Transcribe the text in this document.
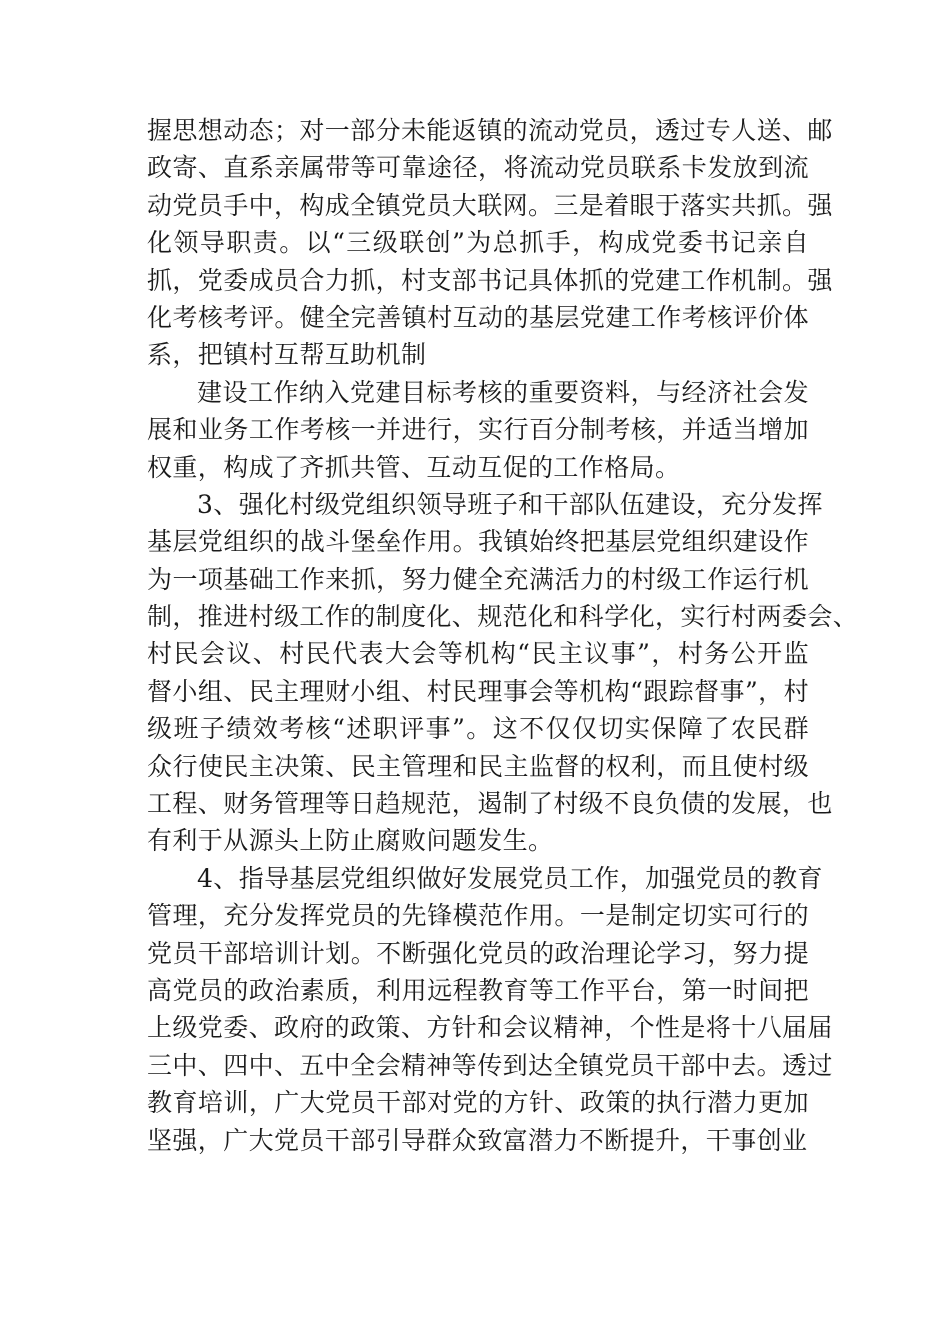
握思想动态；对一部分未能返镇的流动党员，透过专人送、邮
政寄、直系亲属带等可靠途径，将流动党员联系卡发放到流
动党员手中，构成全镇党员大联网。三是着眼于落实共抓。强
化领导职责。以“三级联创”为总抓手，构成党委书记亲自
抓，党委成员合力抓，村支部书记具体抓的党建工作机制。强
化考核考评。健全完善镇村互动的基层党建工作考核评价体
系，把镇村互帮互助机制
建设工作纳入党建目标考核的重要资料，与经济社会发
展和业务工作考核一并进行，实行百分制考核，并适当增加
权重，构成了齐抓共管、互动互促的工作格局。
3、强化村级党组织领导班子和干部队伍建设，充分发挥
基层党组织的战斗堡垒作用。我镇始终把基层党组织建设作
为一项基础工作来抓，努力健全充满活力的村级工作运行机
制，推进村级工作的制度化、规范化和科学化，实行村两委会、
村民会议、村民代表大会等机构“民主议事”，村务公开监
督小组、民主理财小组、村民理事会等机构“跟踪督事”，村
级班子绩效考核“述职评事”。这不仅仅切实保障了农民群
众行使民主决策、民主管理和民主监督的权利，而且使村级
工程、财务管理等日趋规范，遏制了村级不良负债的发展，也
有利于从源头上防止腐败问题发生。
4、指导基层党组织做好发展党员工作，加强党员的教育
管理，充分发挥党员的先锋模范作用。一是制定切实可行的
党员干部培训计划。不断强化党员的政治理论学习，努力提
高党员的政治素质，利用远程教育等工作平台，第一时间把
上级党委、政府的政策、方针和会议精神，个性是将十八届届
三中、四中、五中全会精神等传到达全镇党员干部中去。透过
教育培训，广大党员干部对党的方针、政策的执行潜力更加
坚强，广大党员干部引导群众致富潜力不断提升，干事创业
